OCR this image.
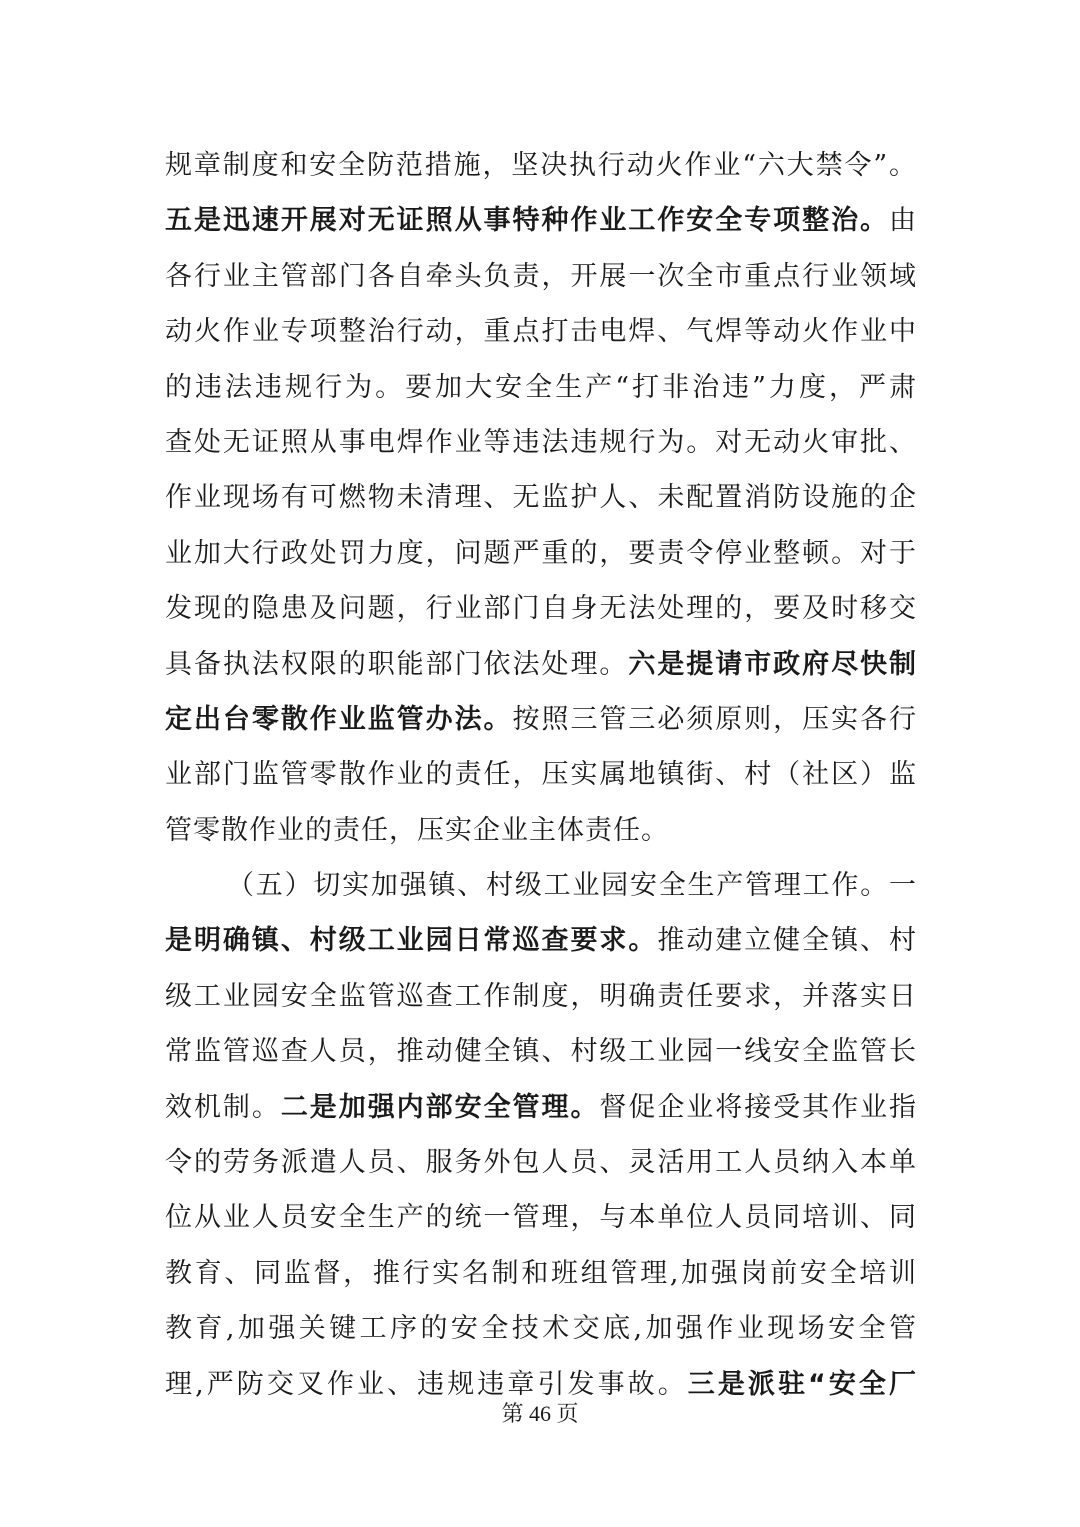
规章制度和安全防范措施，坚决执行动火作业“六大禁令”。
五是迅速开展对无证照从事特种作业工作安全专项整治。由
各行业主管部门各自牵头负责，开展一次全市重点行业领域
动火作业专项整治行动，重点打击电焊、气焊等动火作业中
的违法违规行为。要加大安全生产“打非治违”力度，严肃
查处无证照从事电焊作业等违法违规行为。对无动火审批、
作业现场有可燃物未清理、无监护人、未配置消防设施的企
业加大行政处罚力度，问题严重的，要责令停业整顿。对于
发现的隐患及问题，行业部门自身无法处理的，要及时移交
具备执法权限的职能部门依法处理。六是提请市政府尽快制
定出台零散作业监管办法。按照三管三必须原则，压实各行
业部门监管零散作业的责任，压实属地镇街、村（社区）监
管零散作业的责任，压实企业主体责任。
（五）切实加强镇、村级工业园安全生产管理工作。一
是明确镇、村级工业园日常巡查要求。推动建立健全镇、村
级工业园安全监管巡查工作制度，明确责任要求，并落实日
常监管巡查人员，推动健全镇、村级工业园一线安全监管长
效机制。二是加强内部安全管理。督促企业将接受其作业指
令的劳务派遣人员、服务外包人员、灵活用工人员纳入本单
位从业人员安全生产的统一管理，与本单位人员同培训、同
教育、同监督，推行实名制和班组管理,加强岗前安全培训
教育,加强关键工序的安全技术交底,加强作业现场安全管
理,严防交叉作业、违规违章引发事故。三是派驻“安全厂
第 46 页
